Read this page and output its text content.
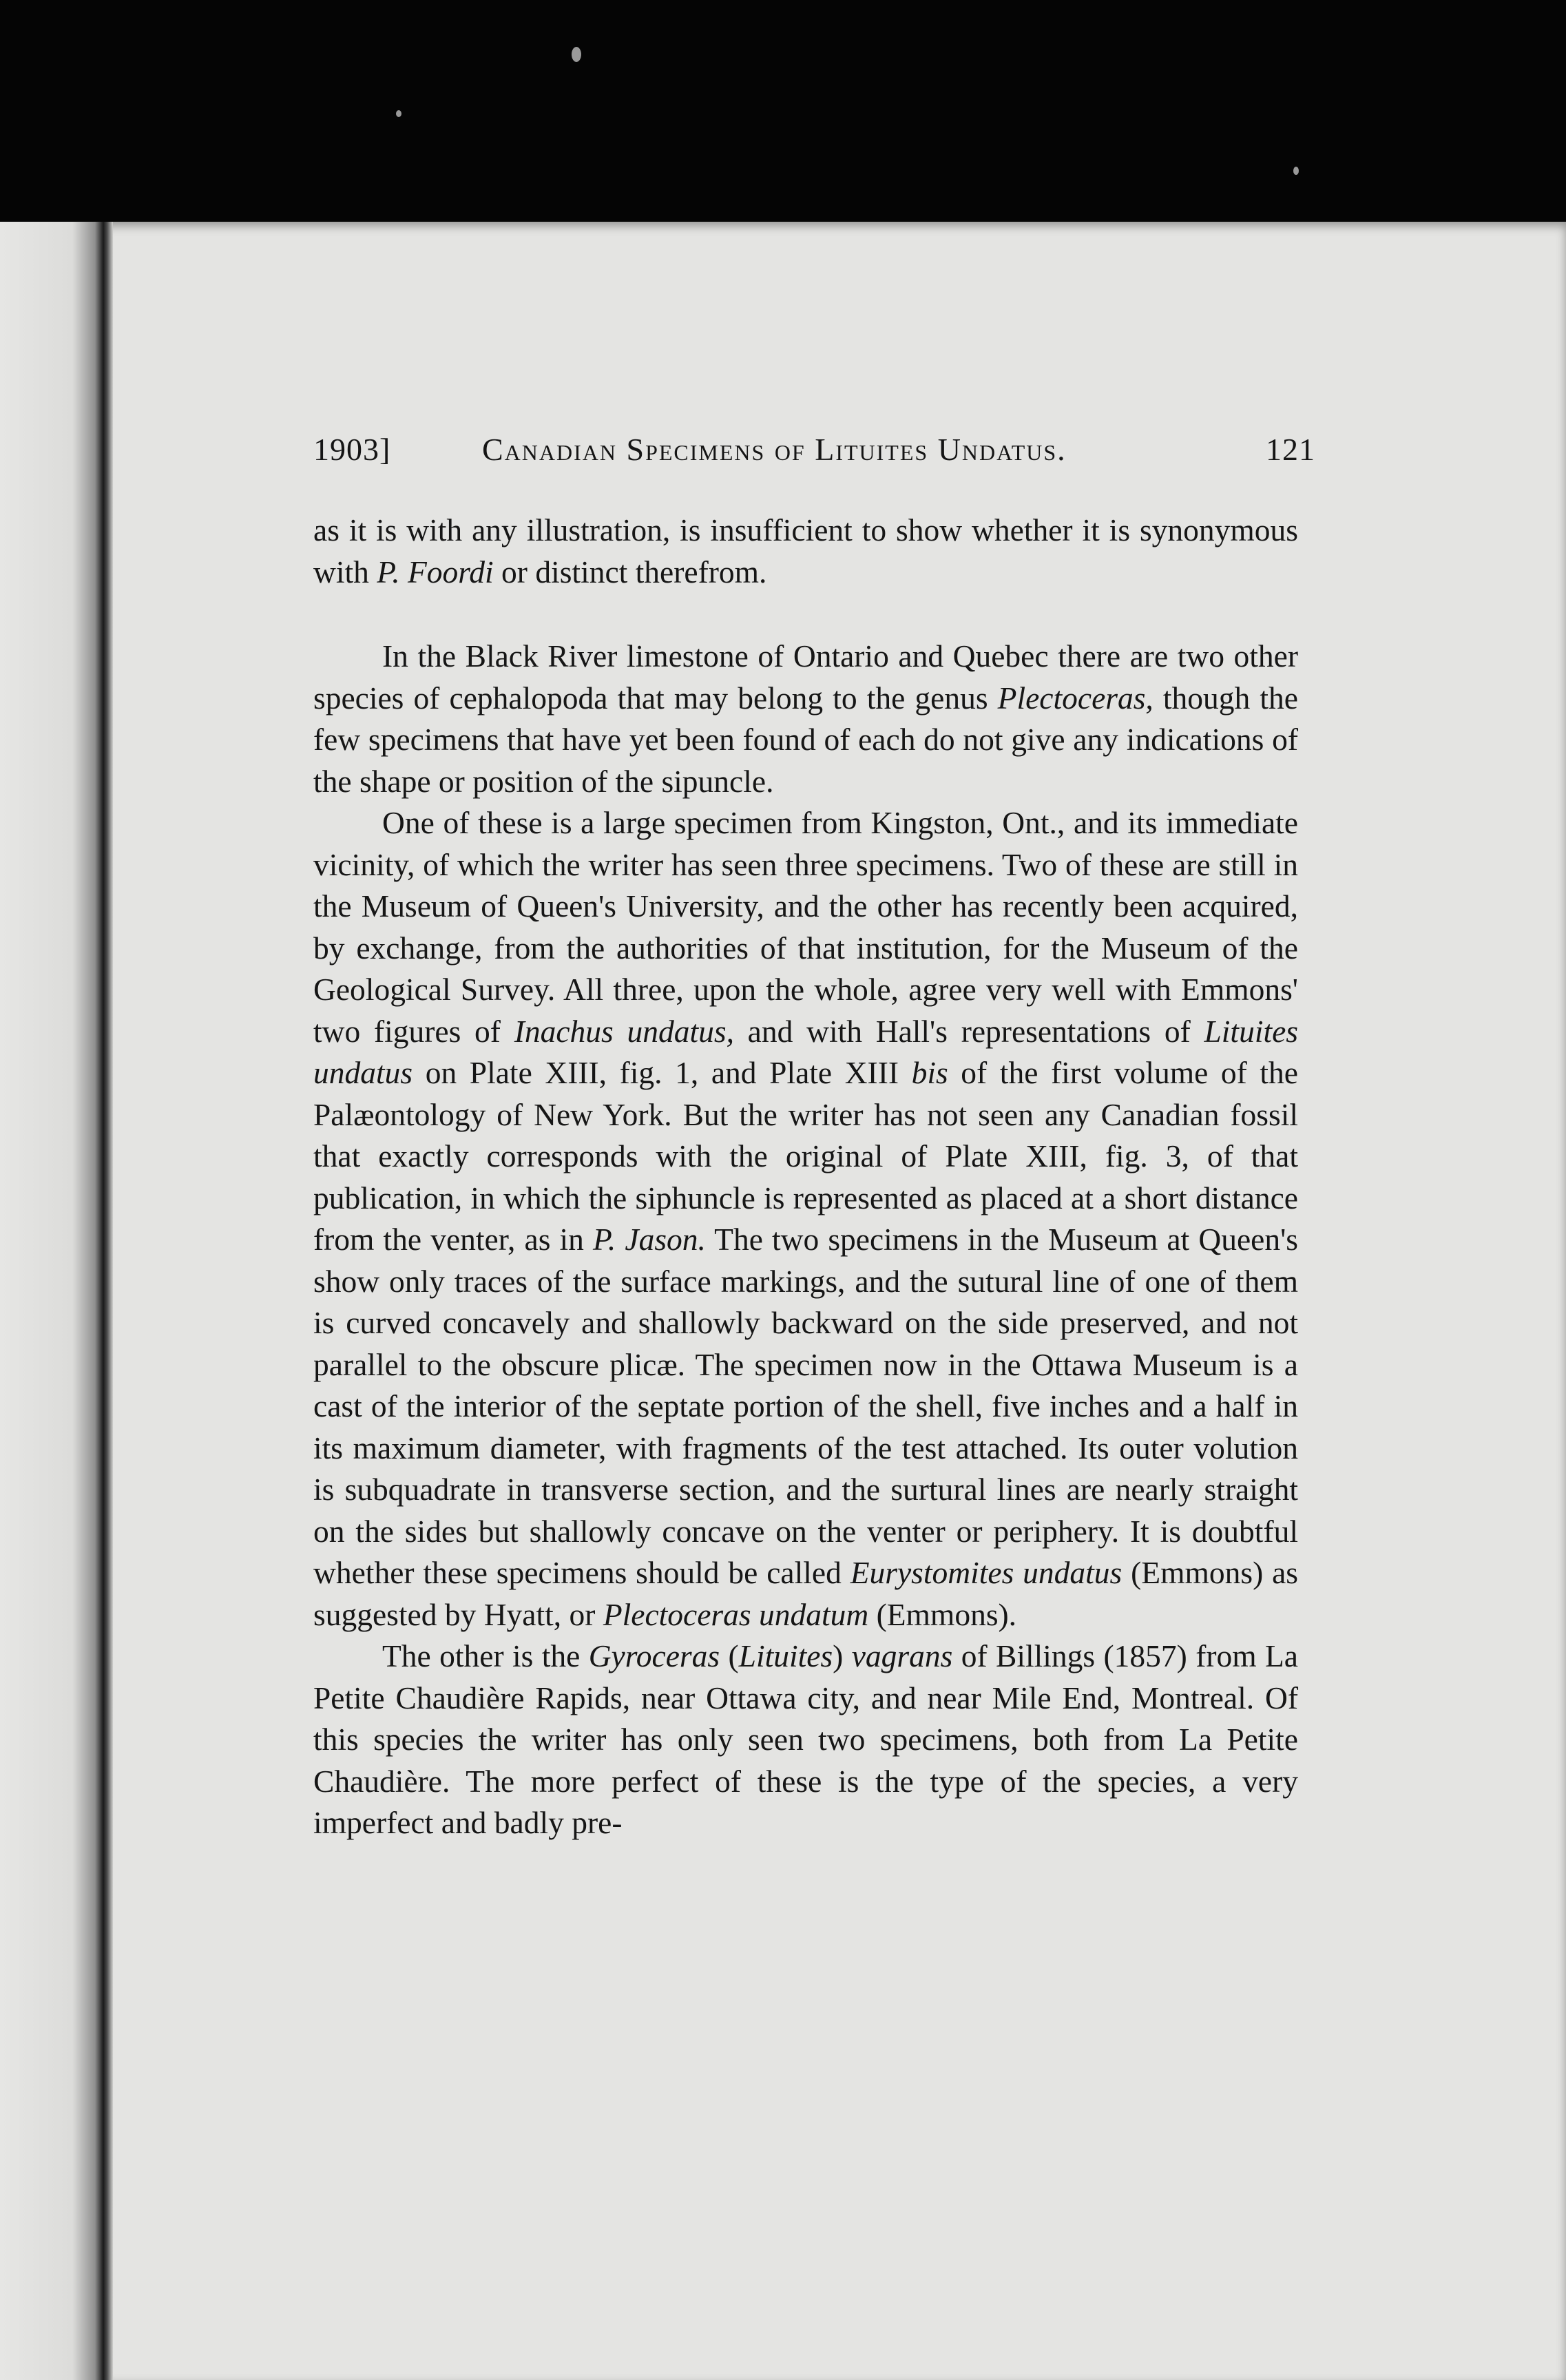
1903]	Canadian Specimens of Lituites Undatus.	121

as it is with any illustration, is insufficient to show whether it is synonymous with P. Foordi or distinct therefrom.

In the Black River limestone of Ontario and Quebec there are two other species of cephalopoda that may belong to the genus Plectoceras, though the few specimens that have yet been found of each do not give any indications of the shape or position of the sipuncle.

One of these is a large specimen from Kingston, Ont., and its immediate vicinity, of which the writer has seen three specimens. Two of these are still in the Museum of Queen's University, and the other has recently been acquired, by exchange, from the authorities of that institution, for the Museum of the Geological Survey. All three, upon the whole, agree very well with Emmons' two figures of Inachus undatus, and with Hall's representations of Lituites undatus on Plate XIII, fig. 1, and Plate XIII bis of the first volume of the Palæontology of New York. But the writer has not seen any Canadian fossil that exactly corresponds with the original of Plate XIII, fig. 3, of that publication, in which the siphuncle is represented as placed at a short distance from the venter, as in P. Jason. The two specimens in the Museum at Queen's show only traces of the surface markings, and the sutural line of one of them is curved concavely and shallowly backward on the side preserved, and not parallel to the obscure plicæ. The specimen now in the Ottawa Museum is a cast of the interior of the septate portion of the shell, five inches and a half in its maximum diameter, with fragments of the test attached. Its outer volution is subquadrate in transverse section, and the surtural lines are nearly straight on the sides but shallowly concave on the venter or periphery. It is doubtful whether these specimens should be called Eurystomites undatus (Emmons) as suggested by Hyatt, or Plectoceras undatum (Emmons).

The other is the Gyroceras (Lituites) vagrans of Billings (1857) from La Petite Chaudière Rapids, near Ottawa city, and near Mile End, Montreal. Of this species the writer has only seen two specimens, both from La Petite Chaudière. The more perfect of these is the type of the species, a very imperfect and badly pre-
